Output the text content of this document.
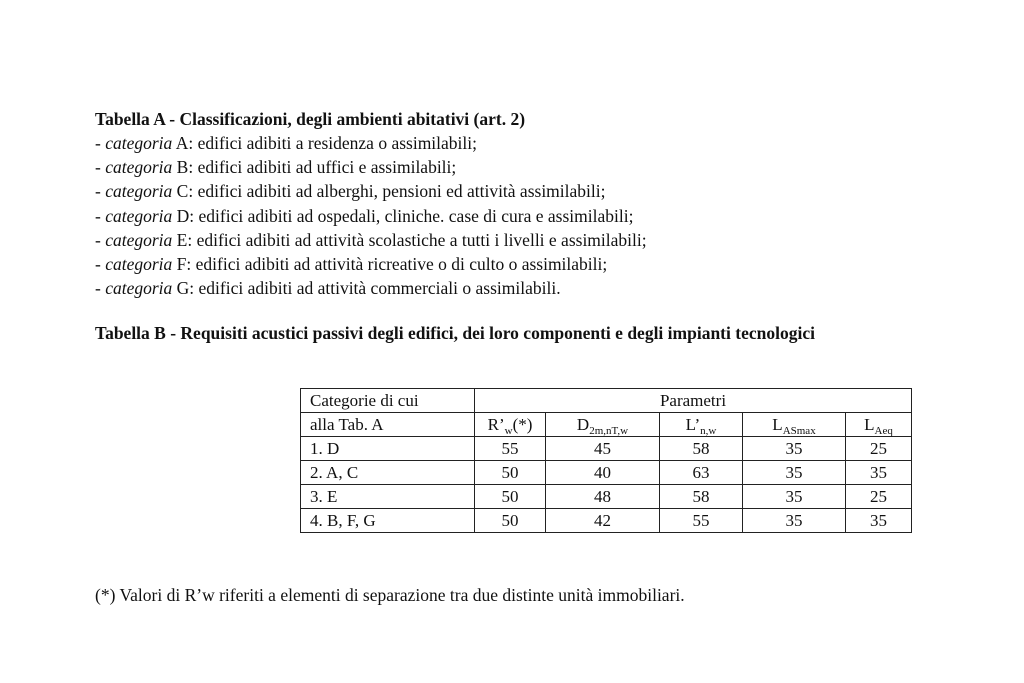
Tabella A - Classificazioni, degli ambienti abitativi (art. 2)
- categoria A: edifici adibiti a residenza o assimilabili;
- categoria B: edifici adibiti ad uffici e assimilabili;
- categoria C: edifici adibiti ad alberghi, pensioni ed attività assimilabili;
- categoria D: edifici adibiti ad ospedali, cliniche. case di cura e assimilabili;
- categoria E: edifici adibiti ad attività scolastiche a tutti i livelli e assimilabili;
- categoria F: edifici adibiti ad attività ricreative o di culto o assimilabili;
- categoria G: edifici adibiti ad attività commerciali o assimilabili.
Tabella B - Requisiti acustici passivi degli edifici, dei loro componenti e degli impianti tecnologici
Categorie di cui	Parametri				
alla Tab. A	$R’_w(*)$	$D_{2m,nT,w}$	$L’_{n,w}$	$L_{ASmax}$	$L_{Aeq}$
1. D	55	45	58	35	25
2. A, C	50	40	63	35	35
3. E	50	48	58	35	25
4. B, F, G	50	42	55	35	35
(*) Valori di R’w riferiti a elementi di separazione tra due distinte unità immobiliari.
